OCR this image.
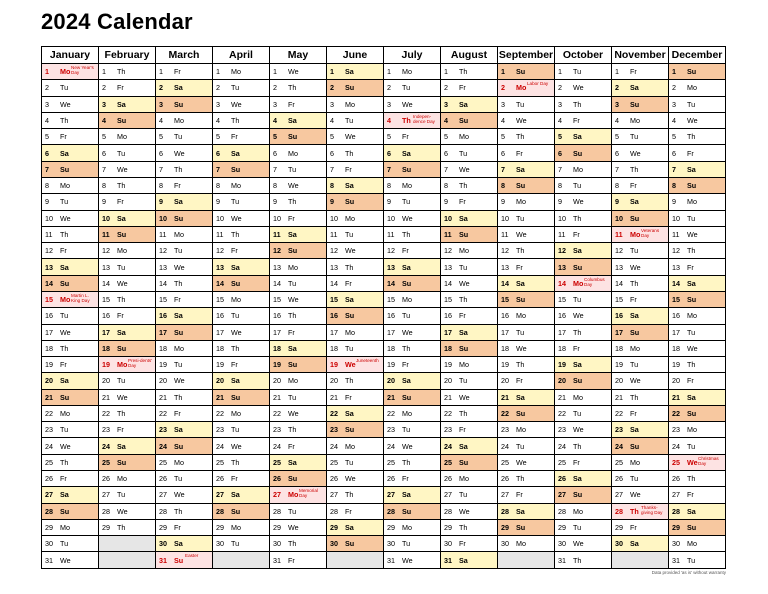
2024 Calendar
January	February	March	April	May	June	July	August	September	October	November	December
1 Mo New Year's Day	1 Th	1 Fr	1 Mo	1 We	1 Sa	1 Mo	1 Th	1 Su	1 Tu	1 Fr	1 Su
2 Tu	2 Fr	2 Sa	2 Tu	2 Th	2 Su	2 Tu	2 Fr	2 Mo Labor Day	2 We	2 Sa	2 Mo
3 We	3 Sa	3 Su	3 We	3 Fr	3 Mo	3 We	3 Sa	3 Tu	3 Th	3 Su	3 Tu
4 Th	4 Su	4 Mo	4 Th	4 Sa	4 Tu	4 Th Indepen-dence Day	4 Su	4 We	4 Fr	4 Mo	4 We
5 Fr	5 Mo	5 Tu	5 Fr	5 Su	5 We	5 Fr	5 Mo	5 Th	5 Sa	5 Tu	5 Th
6 Sa	6 Tu	6 We	6 Sa	6 Mo	6 Th	6 Sa	6 Tu	6 Fr	6 Su	6 We	6 Fr
7 Su	7 We	7 Th	7 Su	7 Tu	7 Fr	7 Su	7 We	7 Sa	7 Mo	7 Th	7 Sa
8 Mo	8 Th	8 Fr	8 Mo	8 We	8 Sa	8 Mo	8 Th	8 Su	8 Tu	8 Fr	8 Su
9 Tu	9 Fr	9 Sa	9 Tu	9 Th	9 Su	9 Tu	9 Fr	9 Mo	9 We	9 Sa	9 Mo
10 We	10 Sa	10 Su	10 We	10 Fr	10 Mo	10 We	10 Sa	10 Tu	10 Th	10 Su	10 Tu
11 Th	11 Su	11 Mo	11 Th	11 Sa	11 Tu	11 Th	11 Su	11 We	11 Fr	11 Mo Veterans Day	11 We
12 Fr	12 Mo	12 Tu	12 Fr	12 Su	12 We	12 Fr	12 Mo	12 Th	12 Sa	12 Tu	12 Th
13 Sa	13 Tu	13 We	13 Sa	13 Mo	13 Th	13 Sa	13 Tu	13 Fr	13 Su	13 We	13 Fr
14 Su	14 We	14 Th	14 Su	14 Tu	14 Fr	14 Su	14 We	14 Sa	14 Mo Columbus Day	14 Th	14 Sa
15 Mo Martin L. King Day	15 Th	15 Fr	15 Mo	15 We	15 Sa	15 Mo	15 Th	15 Su	15 Tu	15 Fr	15 Su
16 Tu	16 Fr	16 Sa	16 Tu	16 Th	16 Su	16 Tu	16 Fr	16 Mo	16 We	16 Sa	16 Mo
17 We	17 Sa	17 Su	17 We	17 Fr	17 Mo	17 We	17 Sa	17 Tu	17 Th	17 Su	17 Tu
18 Th	18 Su	18 Mo	18 Th	18 Sa	18 Tu	18 Th	18 Su	18 We	18 Fr	18 Mo	18 We
19 Fr	19 Mo Presi-dents' Day	19 Tu	19 Fr	19 Su	19 We Juneteenth	19 Fr	19 Mo	19 Th	19 Sa	19 Tu	19 Th
20 Sa	20 Tu	20 We	20 Sa	20 Mo	20 Th	20 Sa	20 Tu	20 Fr	20 Su	20 We	20 Fr
21 Su	21 We	21 Th	21 Su	21 Tu	21 Fr	21 Su	21 We	21 Sa	21 Mo	21 Th	21 Sa
22 Mo	22 Th	22 Fr	22 Mo	22 We	22 Sa	22 Mo	22 Th	22 Su	22 Tu	22 Fr	22 Su
23 Tu	23 Fr	23 Sa	23 Tu	23 Th	23 Su	23 Tu	23 Fr	23 Mo	23 We	23 Sa	23 Mo
24 We	24 Sa	24 Su	24 We	24 Fr	24 Mo	24 We	24 Sa	24 Tu	24 Th	24 Su	24 Tu
25 Th	25 Su	25 Mo	25 Th	25 Sa	25 Tu	25 Th	25 Su	25 We	25 Fr	25 Mo	25 We Christmas Day

26 Fr	26 Mo	26 Tu	26 Fr	26 Su	26 We	26 Fr	26 Mo	26 Th	26 Sa	26 Tu	26 Th
27 Sa	27 Tu	27 We	27 Sa	27 Mo Memorial Day	27 Th	27 Sa	27 Tu	27 Fr	27 Su	27 We	27 Fr
28 Su	28 We	28 Th	28 Su	28 Tu	28 Fr	28 Su	28 We	28 Sa	28 Mo	28 Th Thanks-giving Day	28 Sa
29 Mo	29 Th	29 Fr	29 Mo	29 We	29 Sa	29 Mo	29 Th	29 Su	29 Tu	29 Fr	29 Su
30 Tu		30 Sa	30 Tu	30 Th	30 Su	30 Tu	30 Fr	30 Mo	30 We	30 Sa	30 Mo
31 We		31 Su Easter		31 Fr		31 We	31 Sa		31 Th		31 Tu
Data provided 'as is' without warranty
